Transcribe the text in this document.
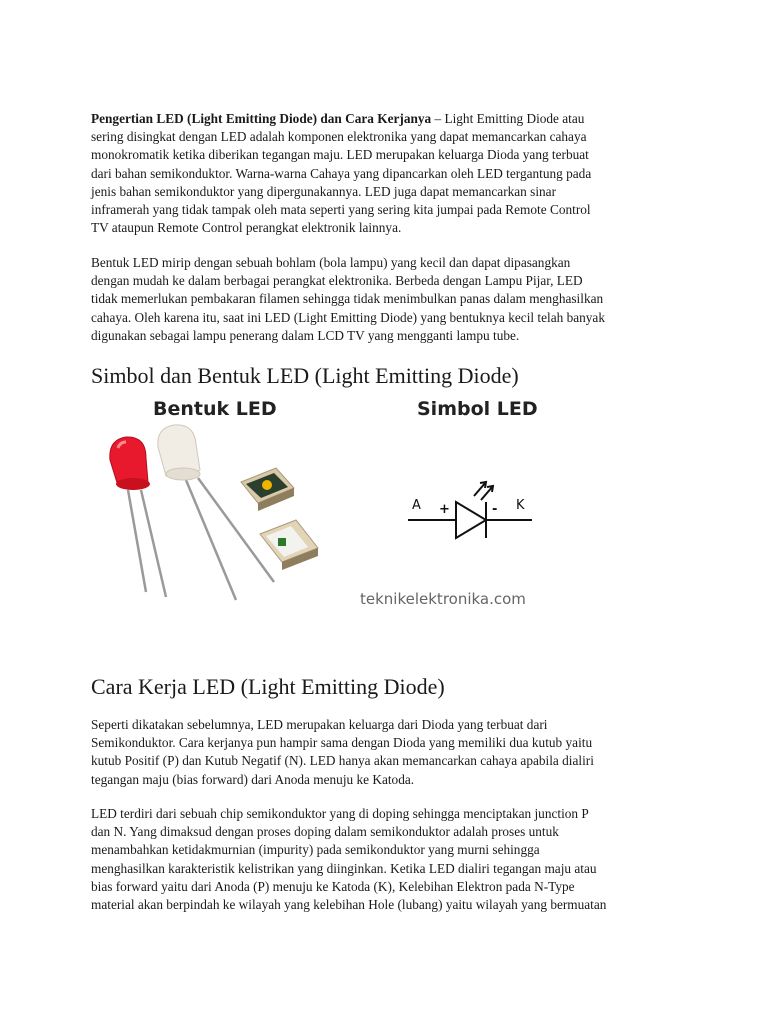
Pengertian LED (Light Emitting Diode) dan Cara Kerjanya – Light Emitting Diode atau
sering disingkat dengan LED adalah komponen elektronika yang dapat memancarkan cahaya
monokromatik ketika diberikan tegangan maju. LED merupakan keluarga Dioda yang terbuat
dari bahan semikonduktor. Warna-warna Cahaya yang dipancarkan oleh LED tergantung pada
jenis bahan semikonduktor yang dipergunakannya. LED juga dapat memancarkan sinar
inframerah yang tidak tampak oleh mata seperti yang sering kita jumpai pada Remote Control
TV ataupun Remote Control perangkat elektronik lainnya.

Bentuk LED mirip dengan sebuah bohlam (bola lampu) yang kecil dan dapat dipasangkan
dengan mudah ke dalam berbagai perangkat elektronika. Berbeda dengan Lampu Pijar, LED
tidak memerlukan pembakaran filamen sehingga tidak menimbulkan panas dalam menghasilkan
cahaya. Oleh karena itu, saat ini LED (Light Emitting Diode) yang bentuknya kecil telah banyak
digunakan sebagai lampu penerang dalam LCD TV yang mengganti lampu tube.

Simbol dan Bentuk LED (Light Emitting Diode)
Bentuk LED	Simbol LED
A +	- K
teknikelektronika.com
Cara Kerja LED (Light Emitting Diode)

Seperti dikatakan sebelumnya, LED merupakan keluarga dari Dioda yang terbuat dari
Semikonduktor. Cara kerjanya pun hampir sama dengan Dioda yang memiliki dua kutub yaitu
kutub Positif (P) dan Kutub Negatif (N). LED hanya akan memancarkan cahaya apabila dialiri
tegangan maju (bias forward) dari Anoda menuju ke Katoda.

LED terdiri dari sebuah chip semikonduktor yang di doping sehingga menciptakan junction P
dan N. Yang dimaksud dengan proses doping dalam semikonduktor adalah proses untuk
menambahkan ketidakmurnian (impurity) pada semikonduktor yang murni sehingga
menghasilkan karakteristik kelistrikan yang diinginkan. Ketika LED dialiri tegangan maju atau
bias forward yaitu dari Anoda (P) menuju ke Katoda (K), Kelebihan Elektron pada N-Type
material akan berpindah ke wilayah yang kelebihan Hole (lubang) yaitu wilayah yang bermuatan
